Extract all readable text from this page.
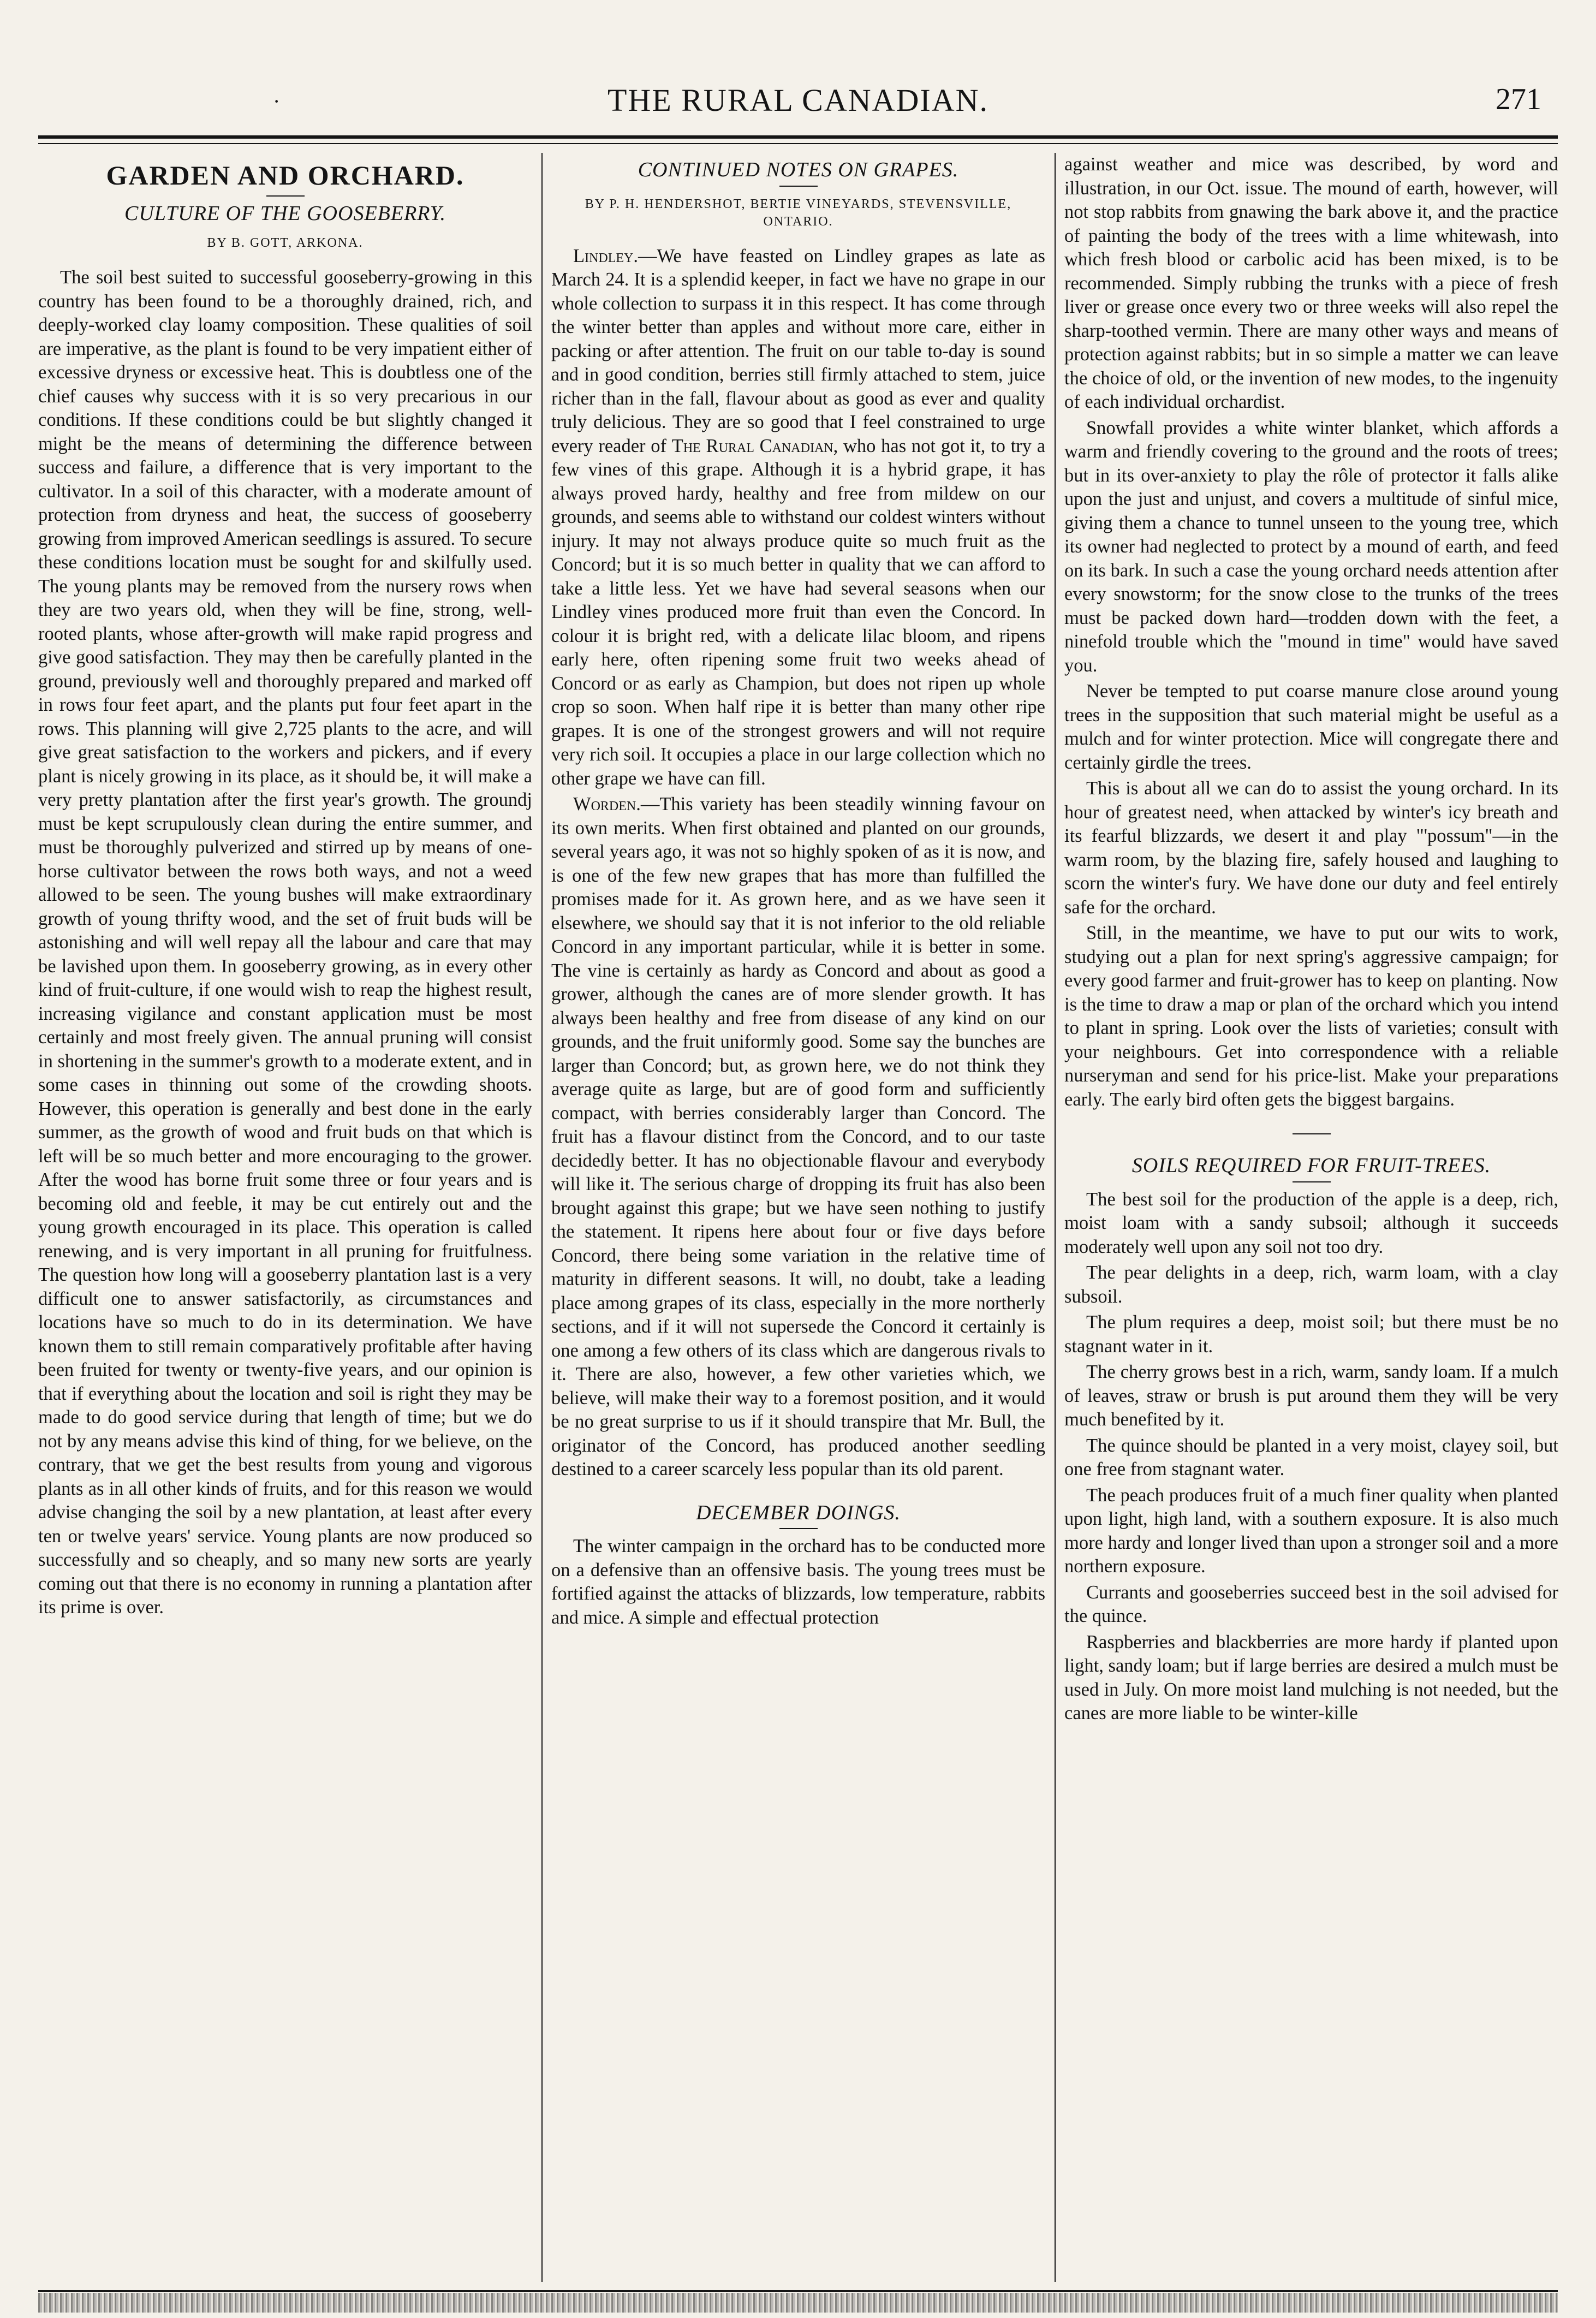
·	THE RURAL CANADIAN.	271
GARDEN AND ORCHARD.
CULTURE OF THE GOOSEBERRY.
BY B. GOTT, ARKONA.

The soil best suited to successful gooseberry-growing in this country has been found to be a thoroughly drained, rich, and deeply-worked clay loamy composition. These qualities of soil are imperative, as the plant is found to be very impatient either of excessive dryness or excessive heat. This is doubtless one of the chief causes why success with it is so very precarious in our conditions. If these conditions could be but slightly changed it might be the means of determining the difference between success and failure, a difference that is very important to the cultivator. In a soil of this character, with a moderate amount of protection from dryness and heat, the success of gooseberry growing from improved American seedlings is assured. To secure these conditions location must be sought for and skilfully used. The young plants may be removed from the nursery rows when they are two years old, when they will be fine, strong, well-rooted plants, whose after-growth will make rapid progress and give good satisfaction. They may then be carefully planted in the ground, previously well and thoroughly prepared and marked off in rows four feet apart, and the plants put four feet apart in the rows. This planning will give 2,725 plants to the acre, and will give great satisfaction to the workers and pickers, and if every plant is nicely growing in its place, as it should be, it will make a very pretty plantation after the first year's growth. The groundj must be kept scrupulously clean during the entire summer, and must be thoroughly pulverized and stirred up by means of one-horse cultivator between the rows both ways, and not a weed allowed to be seen. The young bushes will make extraordinary growth of young thrifty wood, and the set of fruit buds will be astonishing and will well repay all the labour and care that may be lavished upon them. In gooseberry growing, as in every other kind of fruit-culture, if one would wish to reap the highest result, increasing vigilance and constant application must be most certainly and most freely given. The annual pruning will consist in shortening in the summer's growth to a moderate extent, and in some cases in thinning out some of the crowding shoots. However, this operation is generally and best done in the early summer, as the growth of wood and fruit buds on that which is left will be so much better and more encouraging to the grower. After the wood has borne fruit some three or four years and is becoming old and feeble, it may be cut entirely out and the young growth encouraged in its place. This operation is called renewing, and is very important in all pruning for fruitfulness. The question how long will a gooseberry plantation last is a very difficult one to answer satisfactorily, as circumstances and locations have so much to do in its determination. We have known them to still remain comparatively profitable after having been fruited for twenty or twenty-five years, and our opinion is that if everything about the location and soil is right they may be made to do good service during that length of time; but we do not by any means advise this kind of thing, for we believe, on the contrary, that we get the best results from young and vigorous plants as in all other kinds of fruits, and for this reason we would advise changing the soil by a new plantation, at least after every ten or twelve years' service. Young plants are now produced so successfully and so cheaply, and so many new sorts are yearly coming out that there is no economy in running a plantation after its prime is over.

CONTINUED NOTES ON GRAPES.
BY P. H. HENDERSHOT, BERTIE VINEYARDS, STEVENSVILLE, ONTARIO.

Lindley.—We have feasted on Lindley grapes as late as March 24. It is a splendid keeper, in fact we have no grape in our whole collection to surpass it in this respect. It has come through the winter better than apples and without more care, either in packing or after attention. The fruit on our table to-day is sound and in good condition, berries still firmly attached to stem, juice richer than in the fall, flavour about as good as ever and quality truly delicious. They are so good that I feel constrained to urge every reader of The Rural Canadian, who has not got it, to try a few vines of this grape. Although it is a hybrid grape, it has always proved hardy, healthy and free from mildew on our grounds, and seems able to withstand our coldest winters without injury. It may not always produce quite so much fruit as the Concord; but it is so much better in quality that we can afford to take a little less. Yet we have had several seasons when our Lindley vines produced more fruit than even the Concord. In colour it is bright red, with a delicate lilac bloom, and ripens early here, often ripening some fruit two weeks ahead of Concord or as early as Champion, but does not ripen up whole crop so soon. When half ripe it is better than many other ripe grapes. It is one of the strongest growers and will not require very rich soil. It occupies a place in our large collection which no other grape we have can fill.

Worden.—This variety has been steadily winning favour on its own merits. When first obtained and planted on our grounds, several years ago, it was not so highly spoken of as it is now, and is one of the few new grapes that has more than fulfilled the promises made for it. As grown here, and as we have seen it elsewhere, we should say that it is not inferior to the old reliable Concord in any important particular, while it is better in some. The vine is certainly as hardy as Concord and about as good a grower, although the canes are of more slender growth. It has always been healthy and free from disease of any kind on our grounds, and the fruit uniformly good. Some say the bunches are larger than Concord; but, as grown here, we do not think they average quite as large, but are of good form and sufficiently compact, with berries considerably larger than Concord. The fruit has a flavour distinct from the Concord, and to our taste decidedly better. It has no objectionable flavour and everybody will like it. The serious charge of dropping its fruit has also been brought against this grape; but we have seen nothing to justify the statement. It ripens here about four or five days before Concord, there being some variation in the relative time of maturity in different seasons. It will, no doubt, take a leading place among grapes of its class, especially in the more northerly sections, and if it will not supersede the Concord it certainly is one among a few others of its class which are dangerous rivals to it. There are also, however, a few other varieties which, we believe, will make their way to a foremost position, and it would be no great surprise to us if it should transpire that Mr. Bull, the originator of the Concord, has produced another seedling destined to a career scarcely less popular than its old parent.

DECEMBER DOINGS.

The winter campaign in the orchard has to be conducted more on a defensive than an offensive basis. The young trees must be fortified against the attacks of blizzards, low temperature, rabbits and mice. A simple and effectual protection

against weather and mice was described, by word and illustration, in our Oct. issue. The mound of earth, however, will not stop rabbits from gnawing the bark above it, and the practice of painting the body of the trees with a lime whitewash, into which fresh blood or carbolic acid has been mixed, is to be recommended. Simply rubbing the trunks with a piece of fresh liver or grease once every two or three weeks will also repel the sharp-toothed vermin. There are many other ways and means of protection against rabbits; but in so simple a matter we can leave the choice of old, or the invention of new modes, to the ingenuity of each individual orchardist.

Snowfall provides a white winter blanket, which affords a warm and friendly covering to the ground and the roots of trees; but in its over-anxiety to play the rôle of protector it falls alike upon the just and unjust, and covers a multitude of sinful mice, giving them a chance to tunnel unseen to the young tree, which its owner had neglected to protect by a mound of earth, and feed on its bark. In such a case the young orchard needs attention after every snowstorm; for the snow close to the trunks of the trees must be packed down hard—trodden down with the feet, a ninefold trouble which the "mound in time" would have saved you.

Never be tempted to put coarse manure close around young trees in the supposition that such material might be useful as a mulch and for winter protection. Mice will congregate there and certainly girdle the trees.

This is about all we can do to assist the young orchard. In its hour of greatest need, when attacked by winter's icy breath and its fearful blizzards, we desert it and play "'possum"—in the warm room, by the blazing fire, safely housed and laughing to scorn the winter's fury. We have done our duty and feel entirely safe for the orchard.

Still, in the meantime, we have to put our wits to work, studying out a plan for next spring's aggressive campaign; for every good farmer and fruit-grower has to keep on planting. Now is the time to draw a map or plan of the orchard which you intend to plant in spring. Look over the lists of varieties; consult with your neighbours. Get into correspondence with a reliable nurseryman and send for his price-list. Make your preparations early. The early bird often gets the biggest bargains.

SOILS REQUIRED FOR FRUIT-TREES.

The best soil for the production of the apple is a deep, rich, moist loam with a sandy subsoil; although it succeeds moderately well upon any soil not too dry.

The pear delights in a deep, rich, warm loam, with a clay subsoil.

The plum requires a deep, moist soil; but there must be no stagnant water in it.

The cherry grows best in a rich, warm, sandy loam. If a mulch of leaves, straw or brush is put around them they will be very much benefited by it.

The quince should be planted in a very moist, clayey soil, but one free from stagnant water.

The peach produces fruit of a much finer quality when planted upon light, high land, with a southern exposure. It is also much more hardy and longer lived than upon a stronger soil and a more northern exposure.

Currants and gooseberries succeed best in the soil advised for the quince.

Raspberries and blackberries are more hardy if planted upon light, sandy loam; but if large berries are desired a mulch must be used in July. On more moist land mulching is not needed, but the canes are more liable to be winter-kille
